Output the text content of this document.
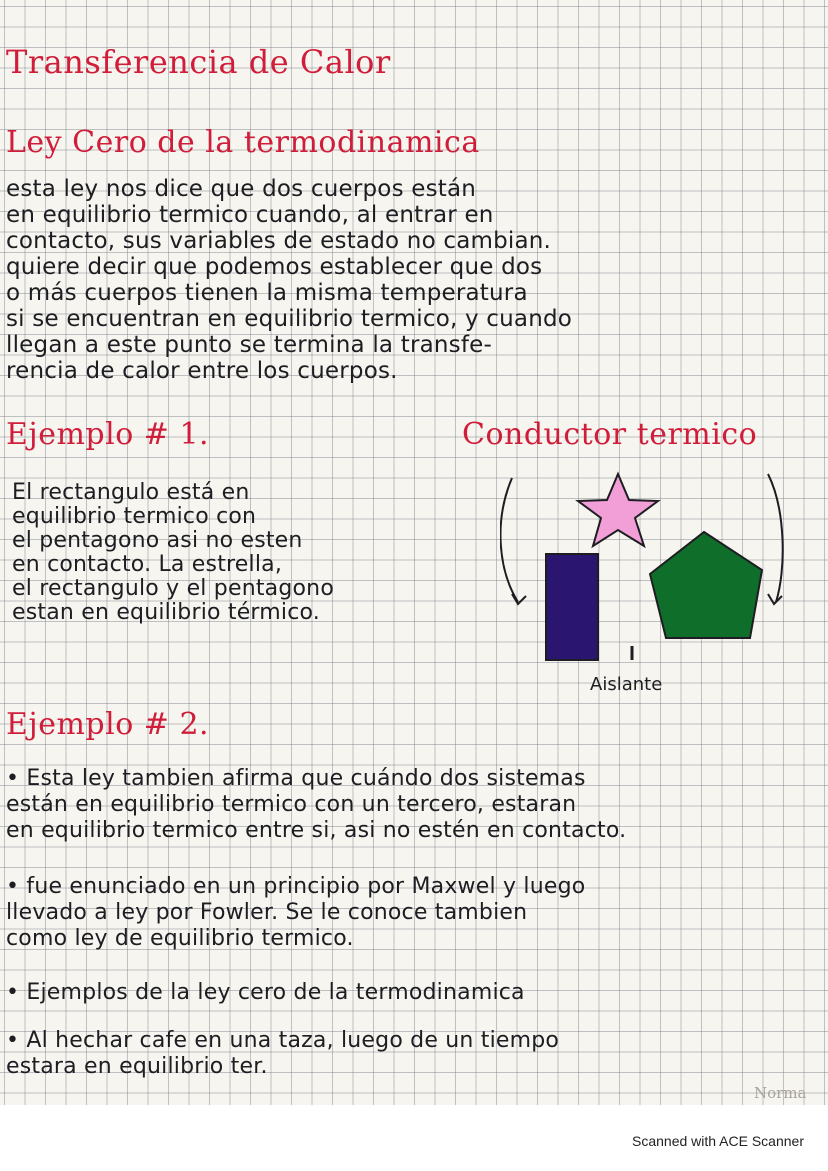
Transferencia de Calor
Ley Cero de la termodinamica
esta ley nos dice que dos cuerpos están
en equilibrio termico cuando, al entrar en
contacto, sus variables de estado no cambian.
quiere decir que podemos establecer que dos
o más cuerpos tienen la misma temperatura
si se encuentran en equilibrio termico, y cuando
llegan a este punto se termina la transfe-
rencia de calor entre los cuerpos.
Ejemplo # 1.	Conductor termico
El rectangulo está en
equilibrio termico con
el pentagono asi no esten
en contacto. La estrella,
el rectangulo y el pentagono
estan en equilibrio térmico.
Aislante
Ejemplo # 2.
• Esta ley tambien afirma que cuándo dos sistemas
están en equilibrio termico con un tercero, estaran
en equilibrio termico entre si, asi no estén en contacto.
• fue enunciado en un principio por Maxwel y luego
llevado a ley por Fowler. Se le conoce tambien
como ley de equilibrio termico.
• Ejemplos de la ley cero de la termodinamica
• Al hechar cafe en una taza, luego de un tiempo
estara en equilibrio ter.
Norma
Scanned with ACE Scanner
